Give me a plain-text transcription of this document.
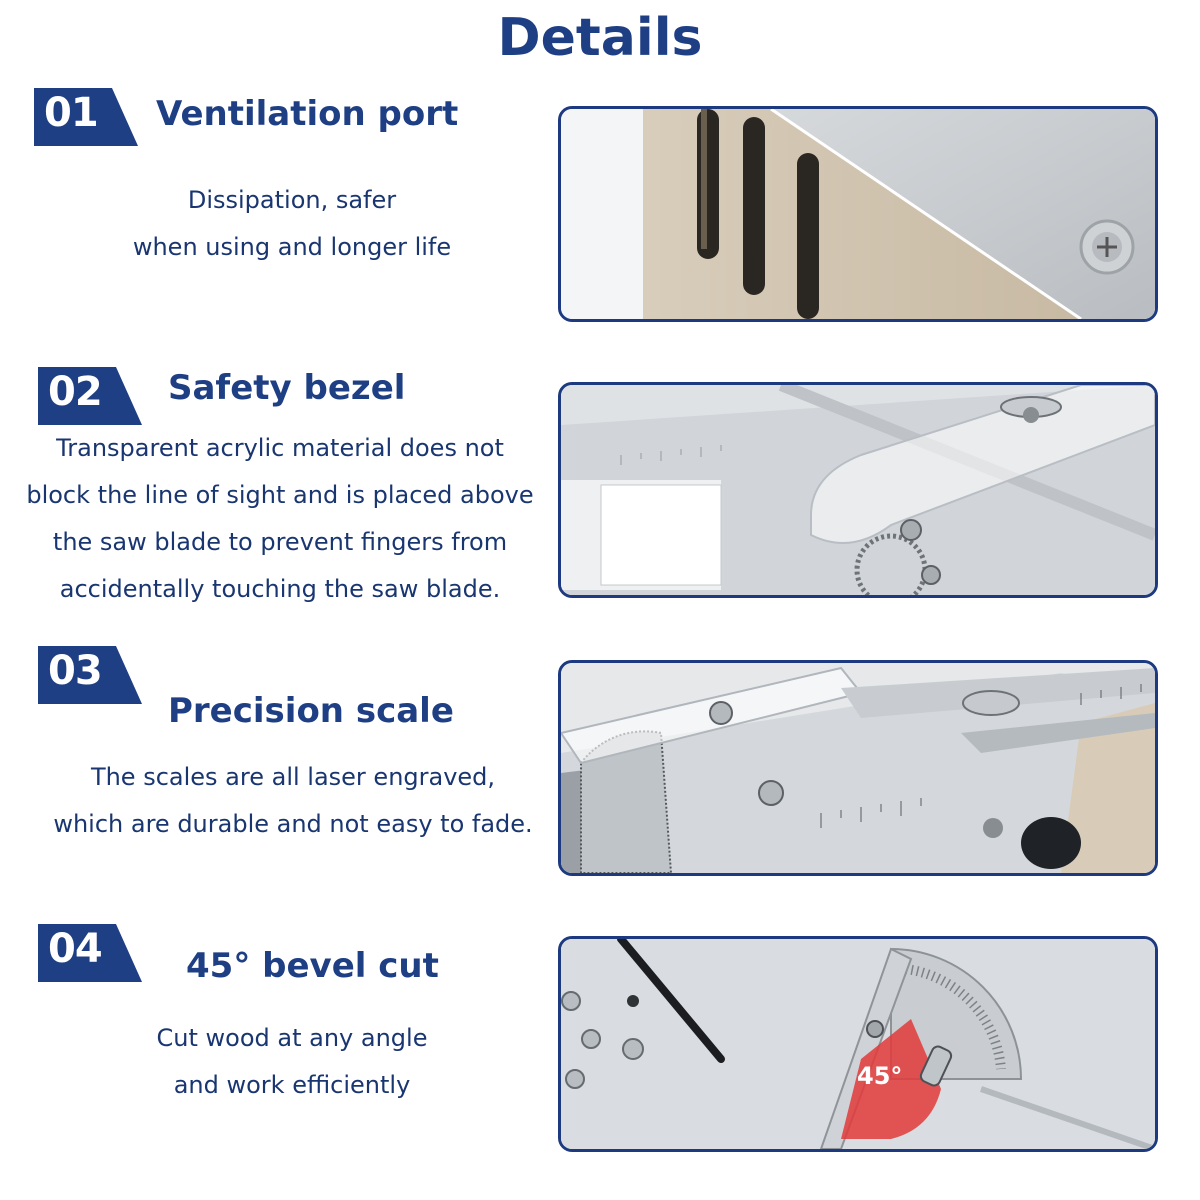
Details
01 Ventilation port
Dissipation, safer
when using and longer life
02 Safety bezel
Transparent acrylic material does not
block the line of sight and is placed above
the saw blade to prevent fingers from
accidentally touching the saw blade.
03
Precision scale
The scales are all laser engraved,
which are durable and not easy to fade.
04 45° bevel cut
Cut wood at any angle
and work efficiently	45°
